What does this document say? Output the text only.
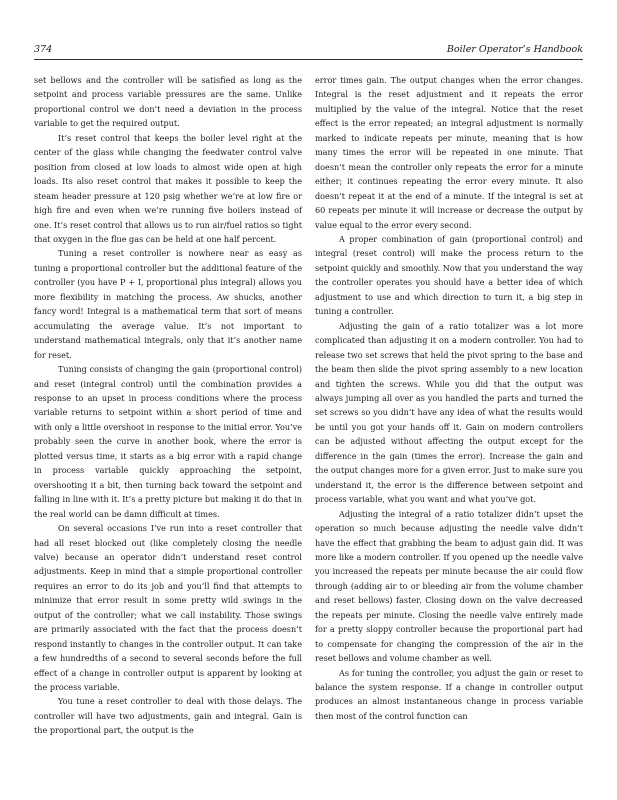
374	Boiler Operator’s Handbook

set bellows and the controller will be satisfied as long as the setpoint and process variable pressures are the same. Unlike proportional control we don’t need a deviation in the process variable to get the required output.

It’s reset control that keeps the boiler level right at the center of the glass while changing the feedwater control valve position from closed at low loads to almost wide open at high loads. Its also reset control that makes it possible to keep the steam header pressure at 120 psig whether we’re at low fire or high fire and even when we’re running five boilers instead of one. It’s reset control that allows us to run air/fuel ratios so tight that oxygen in the flue gas can be held at one half percent.

Tuning a reset controller is nowhere near as easy as tuning a proportional controller but the additional feature of the controller (you have P + I, proportional plus integral) allows you more flexibility in matching the process. Aw shucks, another fancy word! Integral is a mathematical term that sort of means accumulating the average value. It’s not important to understand mathematical integrals, only that it’s another name for reset.

Tuning consists of changing the gain (proportional control) and reset (integral control) until the combination provides a response to an upset in process conditions where the process variable returns to setpoint within a short period of time and with only a little overshoot in response to the initial error. You’ve probably seen the curve in another book, where the error is plotted versus time, it starts as a big error with a rapid change in process variable quickly approaching the setpoint, overshooting it a bit, then turning back toward the setpoint and falling in line with it. It’s a pretty picture but making it do that in the real world can be damn difficult at times.

On several occasions I’ve run into a reset controller that had all reset blocked out (like completely closing the needle valve) because an operator didn’t understand reset control adjustments. Keep in mind that a simple proportional controller requires an error to do its job and you’ll find that attempts to minimize that error result in some pretty wild swings in the output of the controller; what we call instability. Those swings are primarily associated with the fact that the process doesn’t respond instantly to changes in the controller output. It can take a few hundredths of a second to several seconds before the full effect of a change in controller output is apparent by looking at the process variable.

You tune a reset controller to deal with those delays. The controller will have two adjustments, gain and integral. Gain is the proportional part, the output is the

error times gain. The output changes when the error changes. Integral is the reset adjustment and it repeats the error multiplied by the value of the integral. Notice that the reset effect is the error repeated; an integral adjustment is normally marked to indicate repeats per minute, meaning that is how many times the error will be repeated in one minute. That doesn’t mean the controller only repeats the error for a minute either; it continues repeating the error every minute. It also doesn’t repeat it at the end of a minute. If the integral is set at 60 repeats per minute it will increase or decrease the output by value equal to the error every second.

A proper combination of gain (proportional control) and integral (reset control) will make the process return to the setpoint quickly and smoothly. Now that you understand the way the controller operates you should have a better idea of which adjustment to use and which direction to turn it, a big step in tuning a controller.

Adjusting the gain of a ratio totalizer was a lot more complicated than adjusting it on a modern controller. You had to release two set screws that held the pivot spring to the base and the beam then slide the pivot spring assembly to a new location and tighten the screws. While you did that the output was always jumping all over as you handled the parts and turned the set screws so you didn’t have any idea of what the results would be until you got your hands off it. Gain on modern controllers can be adjusted without affecting the output except for the difference in the gain (times the error). Increase the gain and the output changes more for a given error. Just to make sure you understand it, the error is the difference between setpoint and process variable, what you want and what you’ve got.

Adjusting the integral of a ratio totalizer didn’t upset the operation so much because adjusting the needle valve didn’t have the effect that grabbing the beam to adjust gain did. It was more like a modern controller. If you opened up the needle valve you increased the repeats per minute because the air could flow through (adding air to or bleeding air from the volume chamber and reset bellows) faster. Closing down on the valve decreased the repeats per minute. Closing the needle valve entirely made for a pretty sloppy controller because the proportional part had to compensate for changing the compression of the air in the reset bellows and volume chamber as well.

As for tuning the controller, you adjust the gain or reset to balance the system response. If a change in controller output produces an almost instantaneous change in process variable then most of the control function can
